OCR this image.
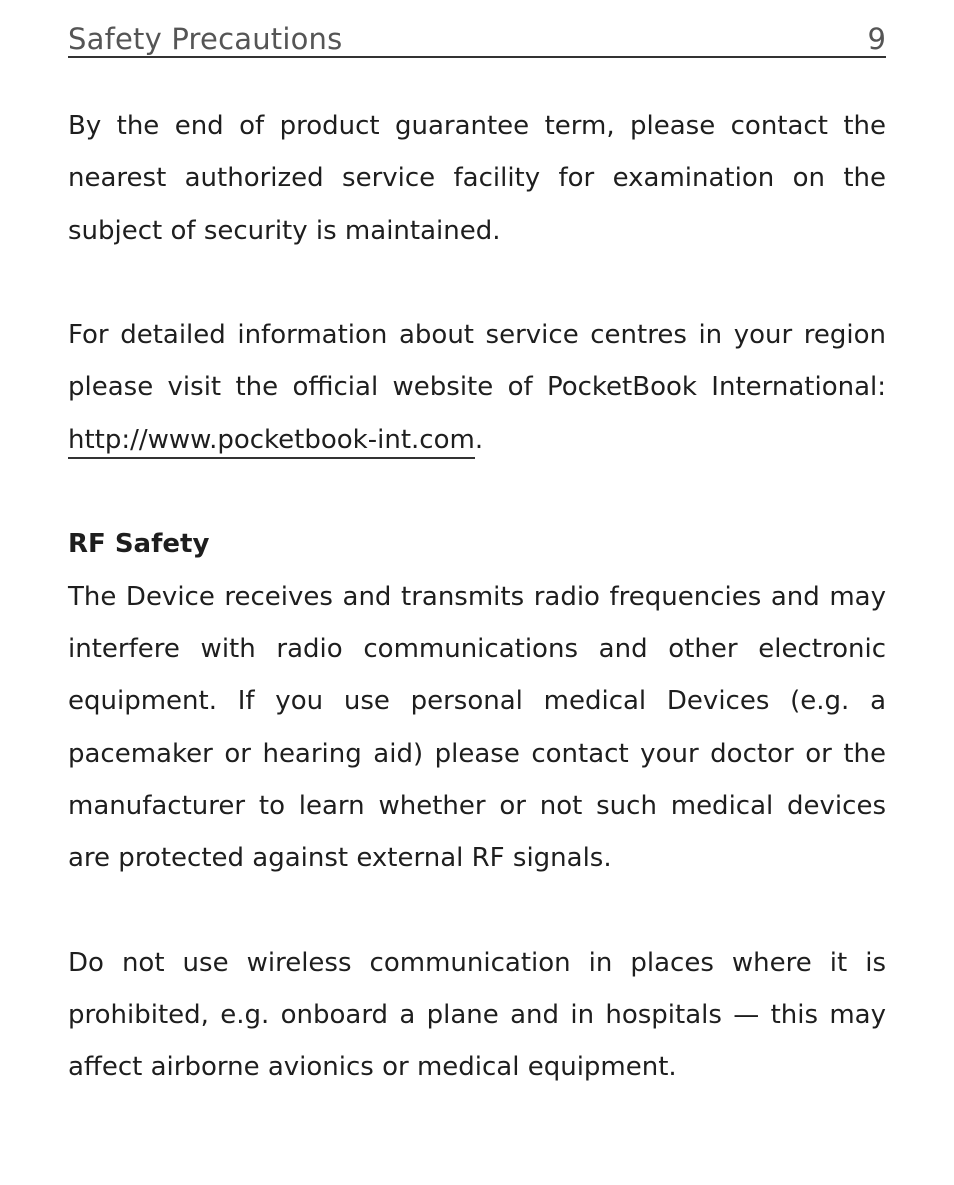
Safety Precautions	9

By the end of product guarantee term, please contact the nearest authorized service facility for examination on the subject of security is maintained.

For detailed information about service centres in your region please visit the official website of PocketBook International: http://www.pocketbook-int.com.

RF Safety

The Device receives and transmits radio frequencies and may interfere with radio communications and other electronic equipment. If you use personal medical Devices (e.g. a pacemaker or hearing aid) please contact your doctor or the manufacturer to learn whether or not such medical devices are protected against external RF signals.

Do not use wireless communication in places where it is prohibited, e.g. onboard a plane and in hospitals — this may affect airborne avionics or medical equipment.
